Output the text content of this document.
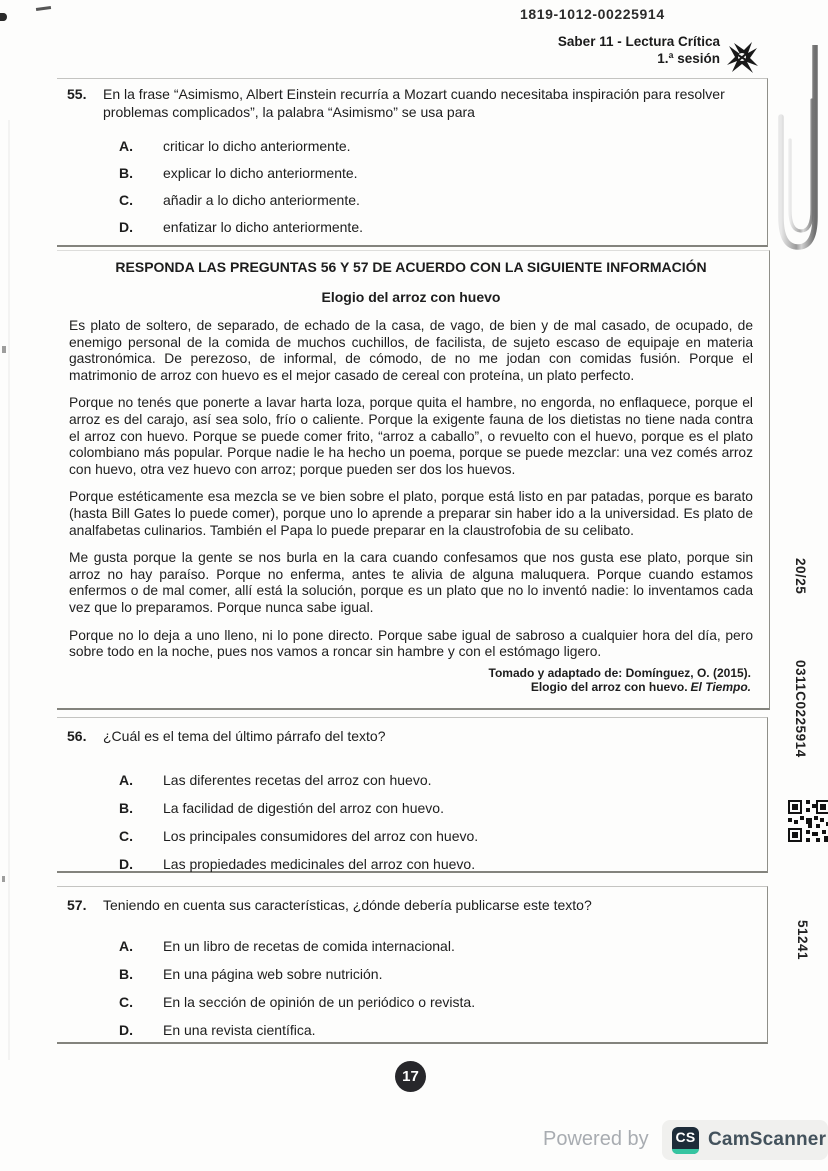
1819-1012-00225914
Saber 11 - Lectura Crítica
1.ª sesión
55.	En la frase “Asimismo, Albert Einstein recurría a Mozart cuando necesitaba inspiración para resolver problemas complicados”, la palabra “Asimismo” se usa para

A.	criticar lo dicho anteriormente.
B.	explicar lo dicho anteriormente.
C.	añadir a lo dicho anteriormente.
D.	enfatizar lo dicho anteriormente.

RESPONDA LAS PREGUNTAS 56 Y 57 DE ACUERDO CON LA SIGUIENTE INFORMACIÓN

Elogio del arroz con huevo

Es plato de soltero, de separado, de echado de la casa, de vago, de bien y de mal casado, de ocupado, de enemigo personal de la comida de muchos cuchillos, de facilista, de sujeto escaso de equipaje en materia gastronómica. De perezoso, de informal, de cómodo, de no me jodan con comidas fusión. Porque el matrimonio de arroz con huevo es el mejor casado de cereal con proteína, un plato perfecto.

Porque no tenés que ponerte a lavar harta loza, porque quita el hambre, no engorda, no enflaquece, porque el arroz es del carajo, así sea solo, frío o caliente. Porque la exigente fauna de los dietistas no tiene nada contra el arroz con huevo. Porque se puede comer frito, “arroz a caballo”, o revuelto con el huevo, porque es el plato colombiano más popular. Porque nadie le ha hecho un poema, porque se puede mezclar: una vez comés arroz con huevo, otra vez huevo con arroz; porque pueden ser dos los huevos.

Porque estéticamente esa mezcla se ve bien sobre el plato, porque está listo en par patadas, porque es barato (hasta Bill Gates lo puede comer), porque uno lo aprende a preparar sin haber ido a la universidad. Es plato de analfabetas culinarios. También el Papa lo puede preparar en la claustrofobia de su celibato.

Me gusta porque la gente se nos burla en la cara cuando confesamos que nos gusta ese plato, porque sin arroz no hay paraíso. Porque no enferma, antes te alivia de alguna maluquera. Porque cuando estamos enfermos o de mal comer, allí está la solución, porque es un plato que no lo inventó nadie: lo inventamos cada vez que lo preparamos. Porque nunca sabe igual.

Porque no lo deja a uno lleno, ni lo pone directo. Porque sabe igual de sabroso a cualquier hora del día, pero sobre todo en la noche, pues nos vamos a roncar sin hambre y con el estómago ligero.

Tomado y adaptado de: Domínguez, O. (2015).
Elogio del arroz con huevo. El Tiempo.
56.	¿Cuál es el tema del último párrafo del texto?

A.	Las diferentes recetas del arroz con huevo.
B.	La facilidad de digestión del arroz con huevo.
C.	Los principales consumidores del arroz con huevo.
D.	Las propiedades medicinales del arroz con huevo.
57.	Teniendo en cuenta sus características, ¿dónde debería publicarse este texto?

A.	En un libro de recetas de comida internacional.
B.	En una página web sobre nutrición.
C.	En la sección de opinión de un periódico o revista.
D.	En una revista científica.
20/25
0311C0225914
51241
17
Powered by CS CamScanner
